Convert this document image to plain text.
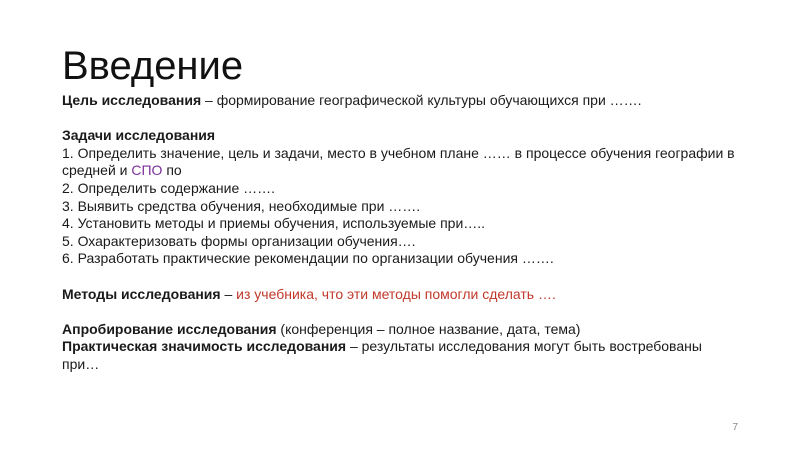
Введение

Цель исследования – формирование географической культуры обучающихся при …….

Задачи исследования

1. Определить значение, цель и задачи, место в учебном плане …… в процессе обучения географии в средней и СПО по

2. Определить содержание …….

3. Выявить средства обучения, необходимые при …….

4. Установить методы и приемы обучения, используемые при…..

5. Охарактеризовать формы организации обучения….

6. Разработать практические рекомендации по организации обучения …….

Методы исследования – из учебника, что эти методы помогли сделать ….

Апробирование исследования (конференция – полное название, дата, тема)

Практическая значимость исследования – результаты исследования могут быть востребованы при…

7
